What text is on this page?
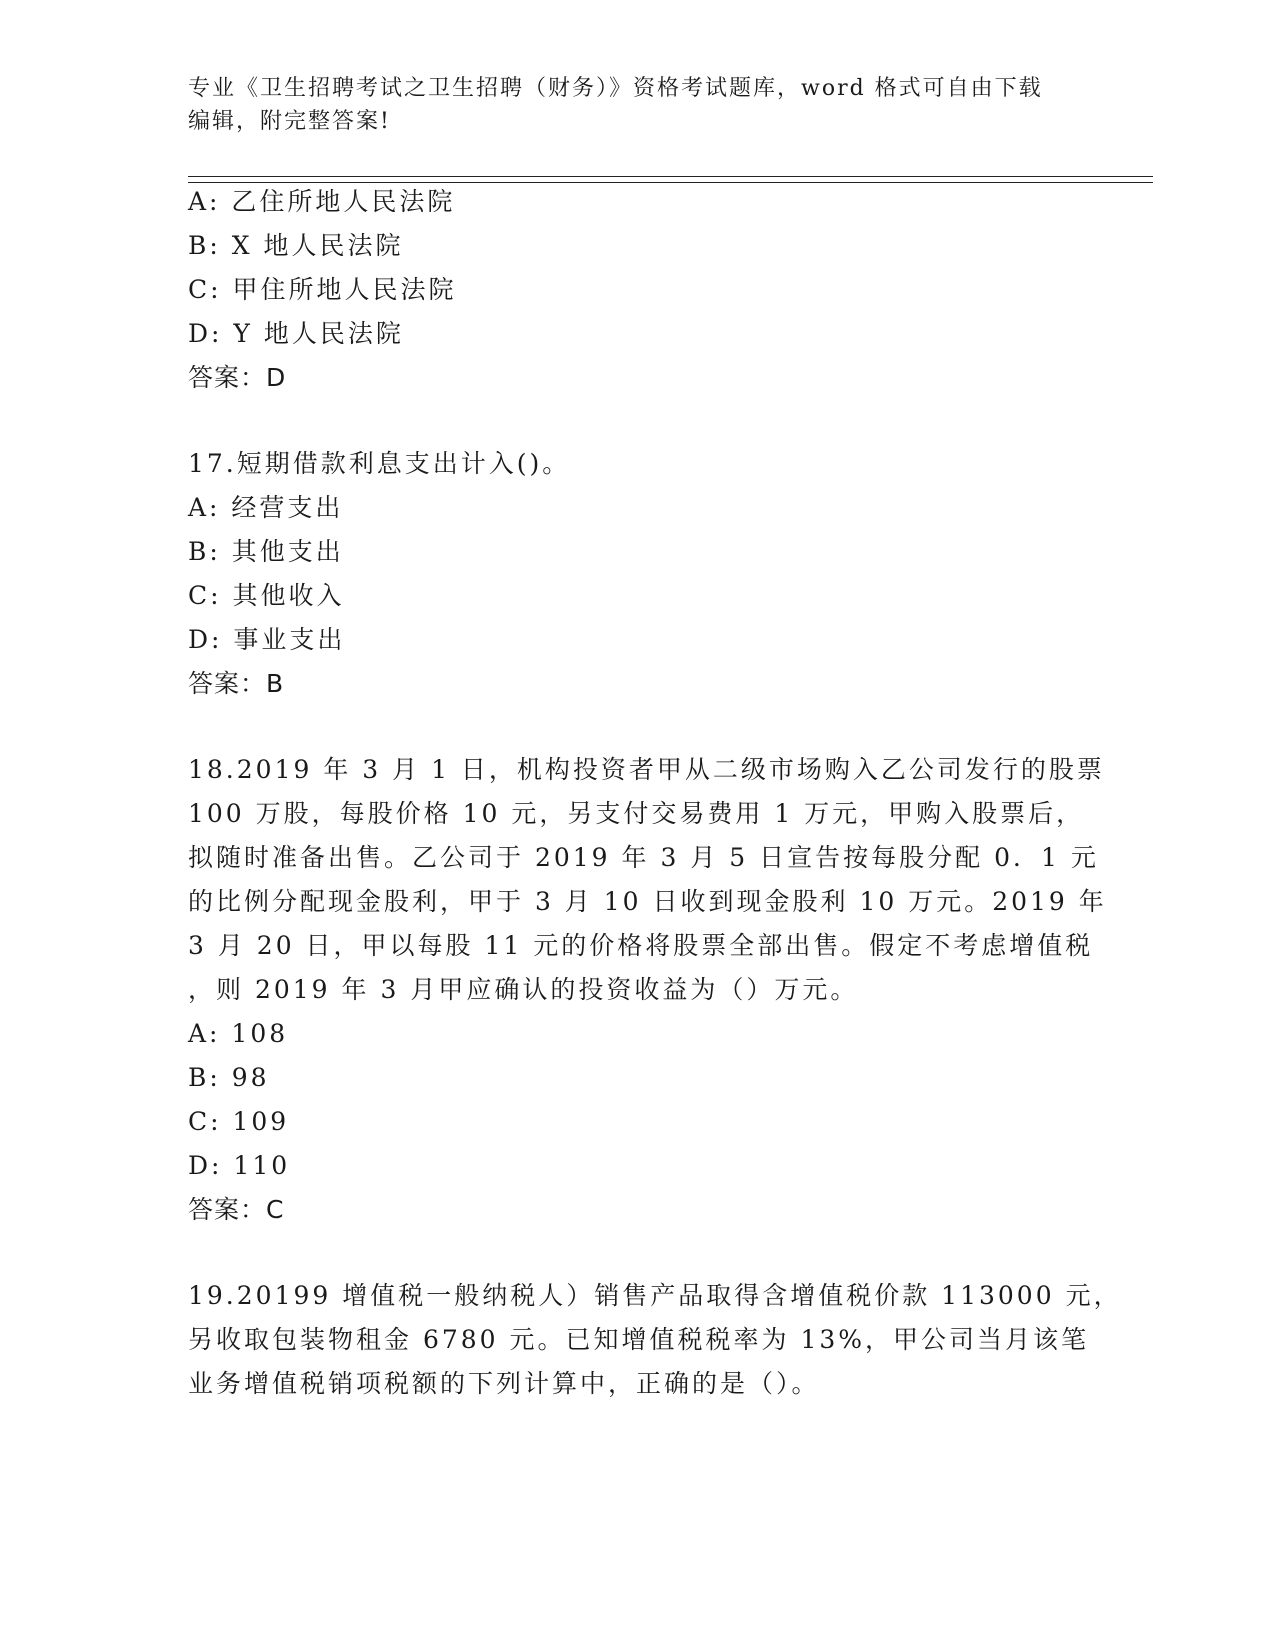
专业《卫生招聘考试之卫生招聘（财务）》资格考试题库，word 格式可自由下载
编辑，附完整答案!
A: 乙住所地人民法院
B: X 地人民法院
C: 甲住所地人民法院
D: Y 地人民法院
答案：D
17.短期借款利息支出计入()。
A: 经营支出
B: 其他支出
C: 其他收入
D: 事业支出
答案：B
18.2019 年 3 月 1 日，机构投资者甲从二级市场购入乙公司发行的股票
100 万股，每股价格 10 元，另支付交易费用 1 万元，甲购入股票后，
拟随时准备出售。乙公司于 2019 年 3 月 5 日宣告按每股分配 0．1 元
的比例分配现金股利，甲于 3 月 10 日收到现金股利 10 万元。2019 年
3 月 20 日，甲以每股 11 元的价格将股票全部出售。假定不考虑增值税
，则 2019 年 3 月甲应确认的投资收益为（）万元。
A: 108
B: 98
C: 109
D: 110
答案：C
19.20199 增值税一般纳税人）销售产品取得含增值税价款 113000 元，
另收取包装物租金 6780 元。已知增值税税率为 13%，甲公司当月该笔
业务增值税销项税额的下列计算中，正确的是（）。
